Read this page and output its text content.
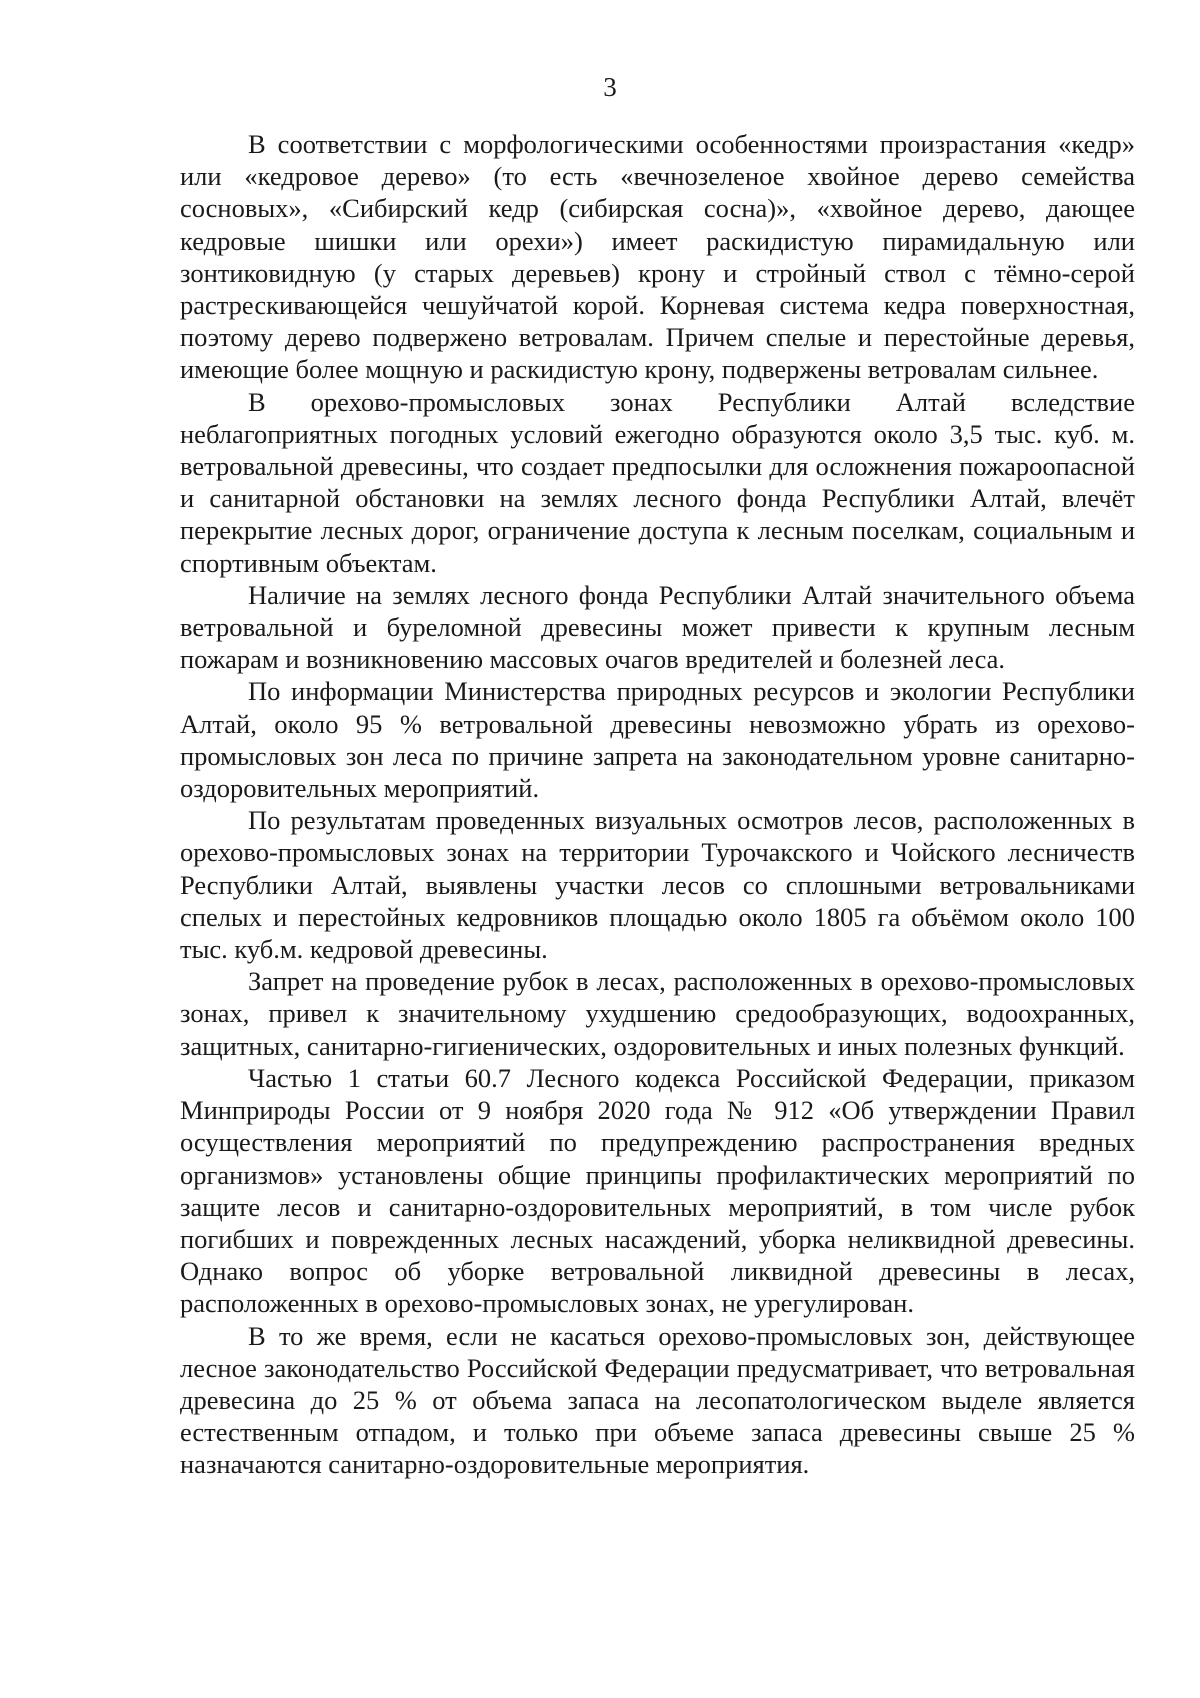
3

В соответствии с морфологическими особенностями произрастания «кедр» или «кедровое дерево» (то есть «вечнозеленое хвойное дерево семейства сосновых», «Сибирский кедр (сибирская сосна)», «хвойное дерево, дающее кедровые шишки или орехи») имеет раскидистую пирамидальную или зонтиковидную (у старых деревьев) крону и стройный ствол с тёмно-серой растрескивающейся чешуйчатой корой. Корневая система кедра поверхностная, поэтому дерево подвержено ветровалам. Причем спелые и перестойные деревья, имеющие более мощную и раскидистую крону, подвержены ветровалам сильнее.

В орехово-промысловых зонах Республики Алтай вследствие неблагоприятных погодных условий ежегодно образуются около 3,5 тыс. куб. м. ветровальной древесины, что создает предпосылки для осложнения пожароопасной и санитарной обстановки на землях лесного фонда Республики Алтай, влечёт перекрытие лесных дорог, ограничение доступа к лесным поселкам, социальным и спортивным объектам.

Наличие на землях лесного фонда Республики Алтай значительного объема ветровальной и буреломной древесины может привести к крупным лесным пожарам и возникновению массовых очагов вредителей и болезней леса.

По информации Министерства природных ресурсов и экологии Республики Алтай, около 95 % ветровальной древесины невозможно убрать из орехово-промысловых зон леса по причине запрета на законодательном уровне санитарно-оздоровительных мероприятий.

По результатам проведенных визуальных осмотров лесов, расположенных в орехово-промысловых зонах на территории Турочакского и Чойского лесничеств Республики Алтай, выявлены участки лесов со сплошными ветровальниками спелых и перестойных кедровников площадью около 1805 га объёмом около 100 тыс. куб.м. кедровой древесины.

Запрет на проведение рубок в лесах, расположенных в орехово-промысловых зонах, привел к значительному ухудшению средообразующих, водоохранных, защитных, санитарно-гигиенических, оздоровительных и иных полезных функций.

Частью 1 статьи 60.7 Лесного кодекса Российской Федерации, приказом Минприроды России от 9 ноября 2020 года № 912 «Об утверждении Правил осуществления мероприятий по предупреждению распространения вредных организмов» установлены общие принципы профилактических мероприятий по защите лесов и санитарно-оздоровительных мероприятий, в том числе рубок погибших и поврежденных лесных насаждений, уборка неликвидной древесины. Однако вопрос об уборке ветровальной ликвидной древесины в лесах, расположенных в орехово-промысловых зонах, не урегулирован.

В то же время, если не касаться орехово-промысловых зон, действующее лесное законодательство Российской Федерации предусматривает, что ветровальная древесина до 25 % от объема запаса на лесопатологическом выделе является естественным отпадом, и только при объеме запаса древесины свыше 25 % назначаются санитарно-оздоровительные мероприятия.
